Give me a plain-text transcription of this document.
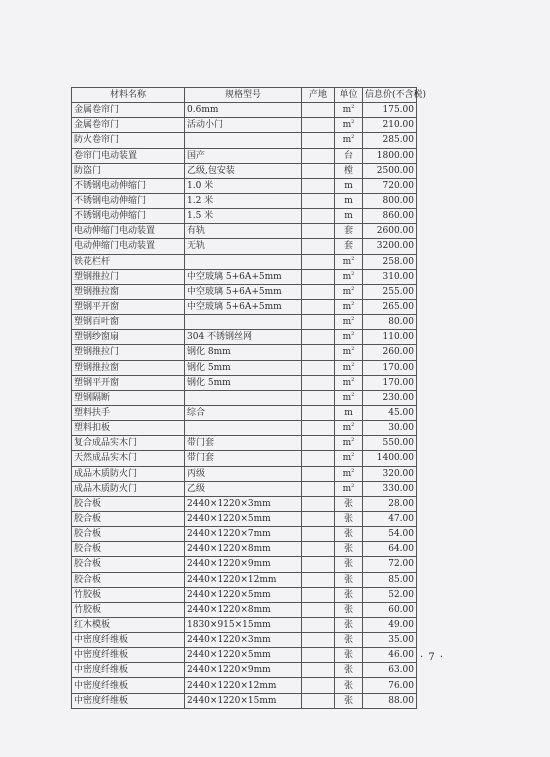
材料名称	规格型号	产地	单位	信息价(不含税)
金属卷帘门	0.6mm		$m^2$	175.00
金属卷帘门	活动小门		$m^2$	210.00
防火卷帘门			$m^2$	285.00
卷帘门电动装置	国产		台	1800.00
防盗门	乙级,包安装		樘	2500.00
不锈钢电动伸缩门	1.0 米		m	720.00
不锈钢电动伸缩门	1.2 米		m	800.00
不锈钢电动伸缩门	1.5 米		m	860.00
电动伸缩门电动装置	有轨		套	2600.00
电动伸缩门电动装置	无轨		套	3200.00
铁花栏杆			$m^2$	258.00
塑钢推拉门	中空玻璃 5+6A+5mm		$m^2$	310.00
塑钢推拉窗	中空玻璃 5+6A+5mm		$m^2$	255.00
塑钢平开窗	中空玻璃 5+6A+5mm		$m^2$	265.00
塑钢百叶窗			$m^2$	80.00
塑钢纱窗扇	304 不锈钢丝网		$m^2$	110.00
塑钢推拉门	钢化 8mm		$m^2$	260.00
塑钢推拉窗	钢化 5mm		$m^2$	170.00
塑钢平开窗	钢化 5mm		$m^2$	170.00
塑钢隔断			$m^2$	230.00
塑料扶手	综合		m	45.00
塑料扣板			$m^2$	30.00
复合成品实木门	带门套		$m^2$	550.00
天然成品实木门	带门套		$m^2$	1400.00
成品木质防火门	丙级		$m^2$	320.00
成品木质防火门	乙级		$m^2$	330.00
胶合板	2440×1220×3mm		张	28.00
胶合板	2440×1220×5mm		张	47.00
胶合板	2440×1220×7mm		张	54.00
胶合板	2440×1220×8mm		张	64.00
胶合板	2440×1220×9mm		张	72.00
胶合板	2440×1220×12mm		张	85.00
竹胶板	2440×1220×5mm		张	52.00
竹胶板	2440×1220×8mm		张	60.00
红木模板	1830×915×15mm		张	49.00
中密度纤维板	2440×1220×3mm		张	35.00
中密度纤维板	2440×1220×5mm		张	46.00
中密度纤维板	2440×1220×9mm		张	63.00
中密度纤维板	2440×1220×12mm		张	76.00
中密度纤维板	2440×1220×15mm		张	88.00
· 7 ·
